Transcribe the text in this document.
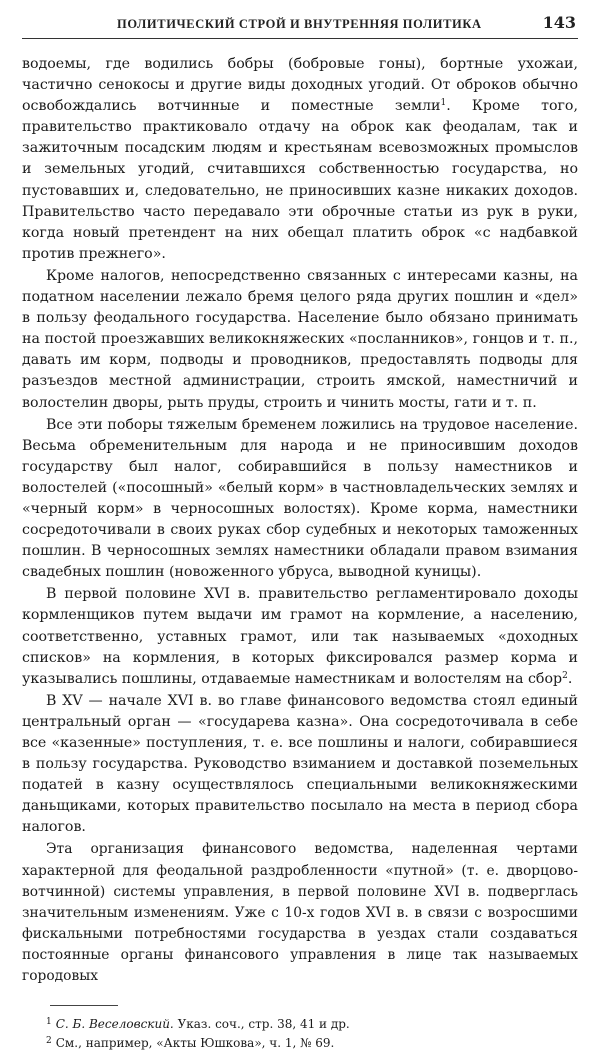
ПОЛИТИЧЕСКИЙ СТРОЙ И ВНУТРЕННЯЯ ПОЛИТИКА	143

водоемы, где водились бобры (бобровые гоны), бортные ухожаи, частично сенокосы и другие виды доходных угодий. От оброков обычно освобождались вотчинные и поместные земли$^1$. Кроме того, правительство практиковало отдачу на оброк как феодалам, так и зажиточным посадским людям и крестьянам всевозможных промыслов и земельных угодий, считавшихся собственностью государства, но пустовавших и, следовательно, не приносивших казне никаких доходов. Правительство часто передавало эти оброчные статьи из рук в руки, когда новый претендент на них обещал платить оброк «с надбавкой против прежнего».

Кроме налогов, непосредственно связанных с интересами казны, на податном населении лежало бремя целого ряда других пошлин и «дел» в пользу феодального государства. Население было обязано принимать на постой проезжавших великокняжеских «посланников», гонцов и т. п., давать им корм, подводы и проводников, предоставлять подводы для разъездов местной администрации, строить ямской, наместничий и волостелин дворы, рыть пруды, строить и чинить мосты, гати и т. п.

Все эти поборы тяжелым бременем ложились на трудовое население. Весьма обременительным для народа и не приносившим доходов государству был налог, собиравшийся в пользу наместников и волостелей («посошный» «белый корм» в частновладельческих землях и «черный корм» в черносошных волостях). Кроме корма, наместники сосредоточивали в своих руках сбор судебных и некоторых таможенных пошлин. В черносошных землях наместники обладали правом взимания свадебных пошлин (новоженного убруса, выводной куницы).

В первой половине XVI в. правительство регламентировало доходы кормленщиков путем выдачи им грамот на кормление, а населению, соответственно, уставных грамот, или так называемых «доходных списков» на кормления, в которых фиксировался размер корма и указывались пошлины, отдаваемые наместникам и волостелям на сбор$^2$.

В XV — начале XVI в. во главе финансового ведомства стоял единый центральный орган — «государева казна». Она сосредоточивала в себе все «казенные» поступления, т. е. все пошлины и налоги, собиравшиеся в пользу государства. Руководство взиманием и доставкой поземельных податей в казну осуществлялось специальными великокняжескими даньщиками, которых правительство посылало на места в период сбора налогов.

Эта организация финансового ведомства, наделенная чертами характерной для феодальной раздробленности «путной» (т. е. дворцово-вотчинной) системы управления, в первой половине XVI в. подверглась значительным изменениям. Уже с 10-х годов XVI в. в связи с возросшими фискальными потребностями государства в уездах стали создаваться постоянные органы финансового управления в лице так называемых городовых

$^1$ С. Б. Веселовский. Указ. соч., стр. 38, 41 и др.

$^2$ См., например, «Акты Юшкова», ч. 1, № 69.
